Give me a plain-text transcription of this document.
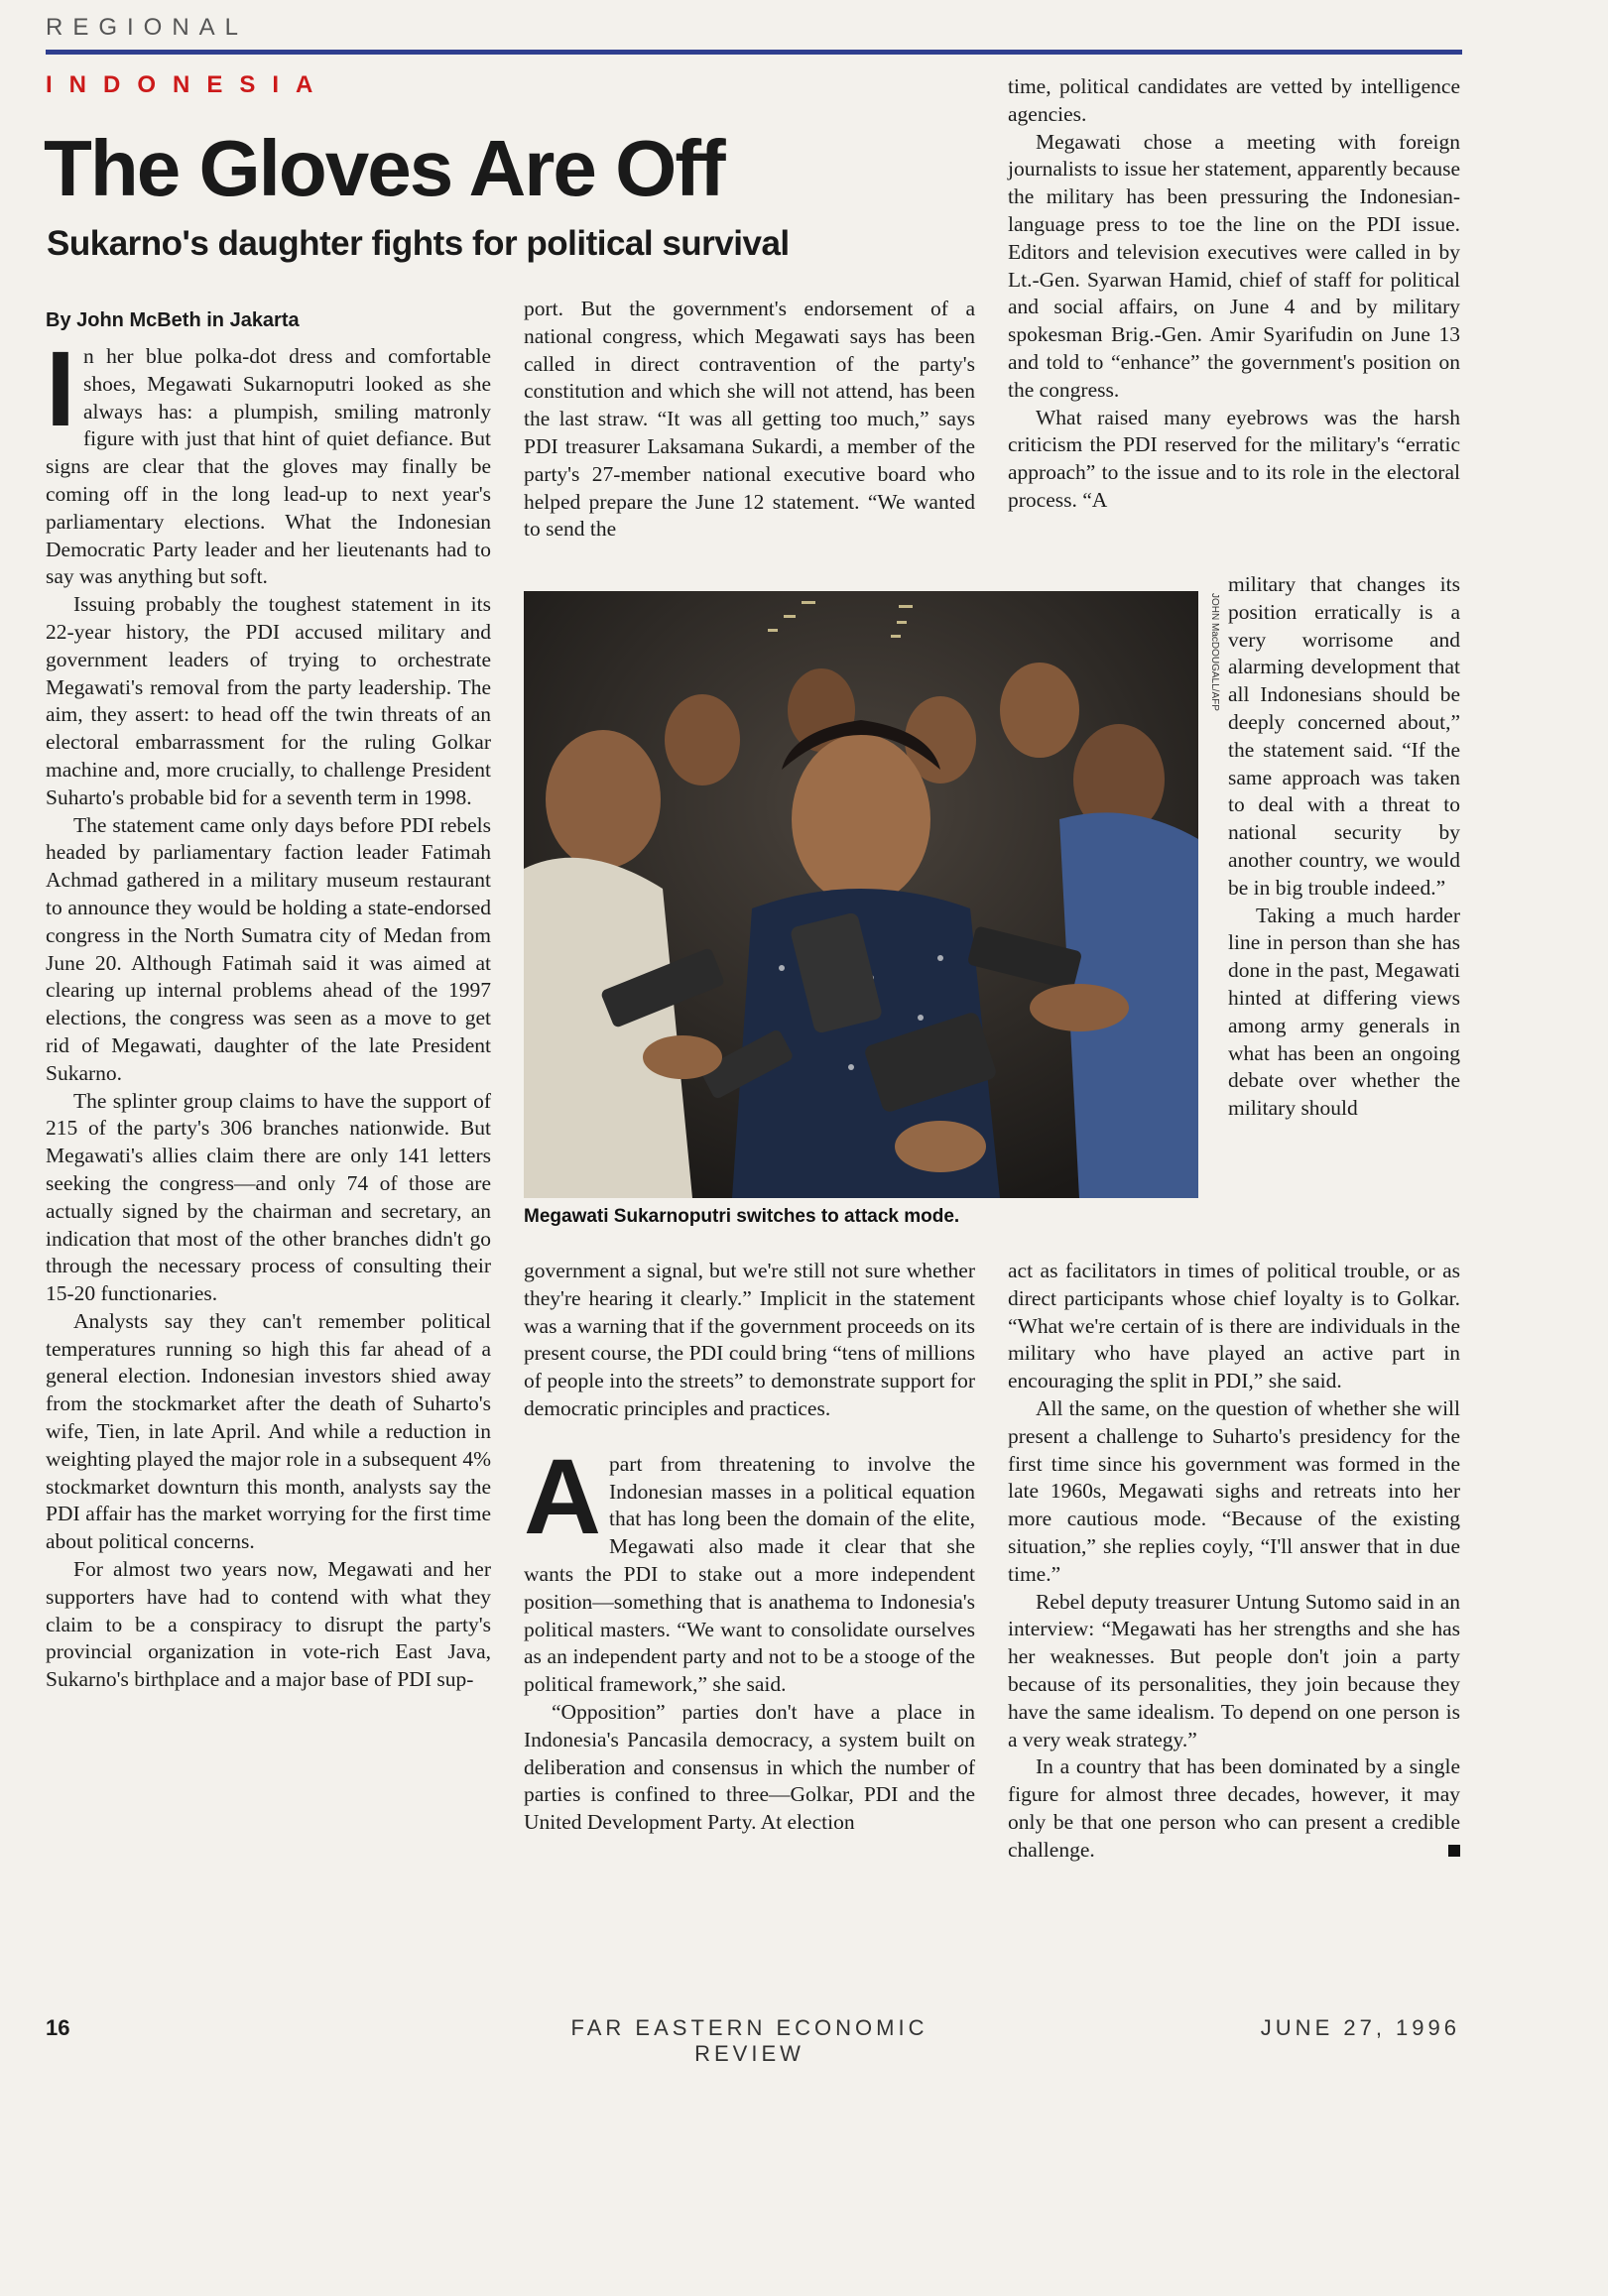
REGIONAL
INDONESIA
The Gloves Are Off
Sukarno's daughter fights for political survival
By John McBeth in Jakarta

In her blue polka-dot dress and comfortable shoes, Megawati Sukarnoputri looked as she always has: a plumpish, smiling matronly figure with just that hint of quiet defiance. But signs are clear that the gloves may finally be coming off in the long lead-up to next year's parliamentary elections. What the Indonesian Democratic Party leader and her lieutenants had to say was anything but soft.

Issuing probably the toughest statement in its 22-year history, the PDI accused military and government leaders of trying to orchestrate Megawati's removal from the party leadership. The aim, they assert: to head off the twin threats of an electoral embarrassment for the ruling Golkar machine and, more crucially, to challenge President Suharto's probable bid for a seventh term in 1998.

The statement came only days before PDI rebels headed by parliamentary faction leader Fatimah Achmad gathered in a military museum restaurant to announce they would be holding a state-endorsed congress in the North Sumatra city of Medan from June 20. Although Fatimah said it was aimed at clearing up internal problems ahead of the 1997 elections, the congress was seen as a move to get rid of Megawati, daughter of the late President Sukarno.

The splinter group claims to have the support of 215 of the party's 306 branches nationwide. But Megawati's allies claim there are only 141 letters seeking the congress—and only 74 of those are actually signed by the chairman and secretary, an indication that most of the other branches didn't go through the necessary process of consulting their 15-20 functionaries.

Analysts say they can't remember political temperatures running so high this far ahead of a general election. Indonesian investors shied away from the stockmarket after the death of Suharto's wife, Tien, in late April. And while a reduction in weighting played the major role in a subsequent 4% stockmarket downturn this month, analysts say the PDI affair has the market worrying for the first time about political concerns.

For almost two years now, Megawati and her supporters have had to contend with what they claim to be a conspiracy to disrupt the party's provincial organization in vote-rich East Java, Sukarno's birthplace and a major base of PDI sup-

port. But the government's endorsement of a national congress, which Megawati says has been called in direct contravention of the party's constitution and which she will not attend, has been the last straw. “It was all getting too much,” says PDI treasurer Laksamana Sukardi, a member of the party's 27-member national executive board who helped prepare the June 12 statement. “We wanted to send the

JOHN MacDOUGALL/AFP
Megawati Sukarnoputri switches to attack mode.

government a signal, but we're still not sure whether they're hearing it clearly.” Implicit in the statement was a warning that if the government proceeds on its present course, the PDI could bring “tens of millions of people into the streets” to demonstrate support for democratic principles and practices.

Apart from threatening to involve the Indonesian masses in a political equation that has long been the domain of the elite, Megawati also made it clear that she wants the PDI to stake out a more independent position—something that is anathema to Indonesia's political masters. “We want to consolidate ourselves as an independent party and not to be a stooge of the political framework,” she said.

“Opposition” parties don't have a place in Indonesia's Pancasila democracy, a system built on deliberation and consensus in which the number of parties is confined to three—Golkar, PDI and the United Development Party. At election

time, political candidates are vetted by intelligence agencies.

Megawati chose a meeting with foreign journalists to issue her statement, apparently because the military has been pressuring the Indonesian-language press to toe the line on the PDI issue. Editors and television executives were called in by Lt.-Gen. Syarwan Hamid, chief of staff for political and social affairs, on June 4 and by military spokesman Brig.-Gen. Amir Syarifudin on June 13 and told to “enhance” the government's position on the congress.

What raised many eyebrows was the harsh criticism the PDI reserved for the military's “erratic approach” to the issue and to its role in the electoral process. “A

military that changes its position erratically is a very worrisome and alarming development that all Indonesians should be deeply concerned about,” the statement said. “If the same approach was taken to deal with a threat to national security by another country, we would be in big trouble indeed.”

Taking a much harder line in person than she has done in the past, Megawati hinted at differing views among army generals in what has been an ongoing debate over whether the military should

act as facilitators in times of political trouble, or as direct participants whose chief loyalty is to Golkar. “What we're certain of is there are individuals in the military who have played an active part in encouraging the split in PDI,” she said.

All the same, on the question of whether she will present a challenge to Suharto's presidency for the first time since his government was formed in the late 1960s, Megawati sighs and retreats into her more cautious mode. “Because of the existing situation,” she replies coyly, “I'll answer that in due time.”

Rebel deputy treasurer Untung Sutomo said in an interview: “Megawati has her strengths and she has her weaknesses. But people don't join a party because of its personalities, they join because they have the same idealism. To depend on one person is a very weak strategy.”

In a country that has been dominated by a single figure for almost three decades, however, it may only be that one person who can present a credible challenge.

16	FAR EASTERN ECONOMIC REVIEW
JUNE 27, 1996
